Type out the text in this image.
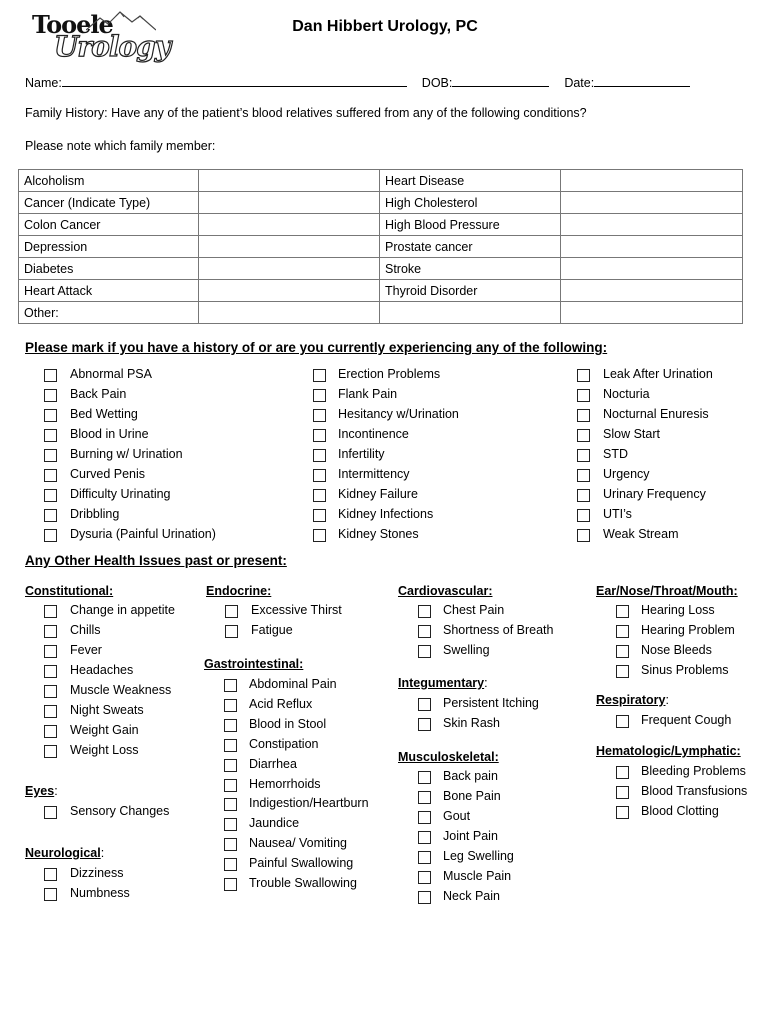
Tooele
Urology
Dan Hibbert Urology, PC
Name:	DOB:	Date:
Family History: Have any of the patient’s blood relatives suffered from any of the following conditions?
Please note which family member:
Alcoholism		Heart Disease	
Cancer (Indicate Type)		High Cholesterol	
Colon Cancer		High Blood Pressure	
Depression		Prostate cancer	
Diabetes		Stroke	
Heart Attack		Thyroid Disorder	
Other:			
Please mark if you have a history of or are you currently experiencing any of the following:
Abnormal PSA
Back Pain
Bed Wetting
Blood in Urine
Burning w/ Urination
Curved Penis
Difficulty Urinating
Dribbling
Dysuria (Painful Urination)
Erection Problems
Flank Pain
Hesitancy w/Urination
Incontinence
Infertility
Intermittency
Kidney Failure
Kidney Infections
Kidney Stones
Leak After Urination
Nocturia
Nocturnal Enuresis
Slow Start
STD
Urgency
Urinary Frequency
UTI’s
Weak Stream
Any Other Health Issues past or present:
Constitutional:
Change in appetite
Chills
Fever
Headaches
Muscle Weakness
Night Sweats
Weight Gain
Weight Loss
Eyes:
Sensory Changes
Neurological:
Dizziness
Numbness
Endocrine:
Excessive Thirst
Fatigue
Gastrointestinal:
Abdominal Pain
Acid Reflux
Blood in Stool
Constipation
Diarrhea
Hemorrhoids
Indigestion/Heartburn
Jaundice
Nausea/ Vomiting
Painful Swallowing
Trouble Swallowing
Cardiovascular:
Chest Pain
Shortness of Breath
Swelling
Integumentary:
Persistent Itching
Skin Rash
Musculoskeletal:
Back pain
Bone Pain
Gout
Joint Pain
Leg Swelling
Muscle Pain
Neck Pain
Ear/Nose/Throat/Mouth:
Hearing Loss
Hearing Problem
Nose Bleeds
Sinus Problems
Respiratory:
Frequent Cough
Hematologic/Lymphatic:
Bleeding Problems
Blood Transfusions
Blood Clotting
